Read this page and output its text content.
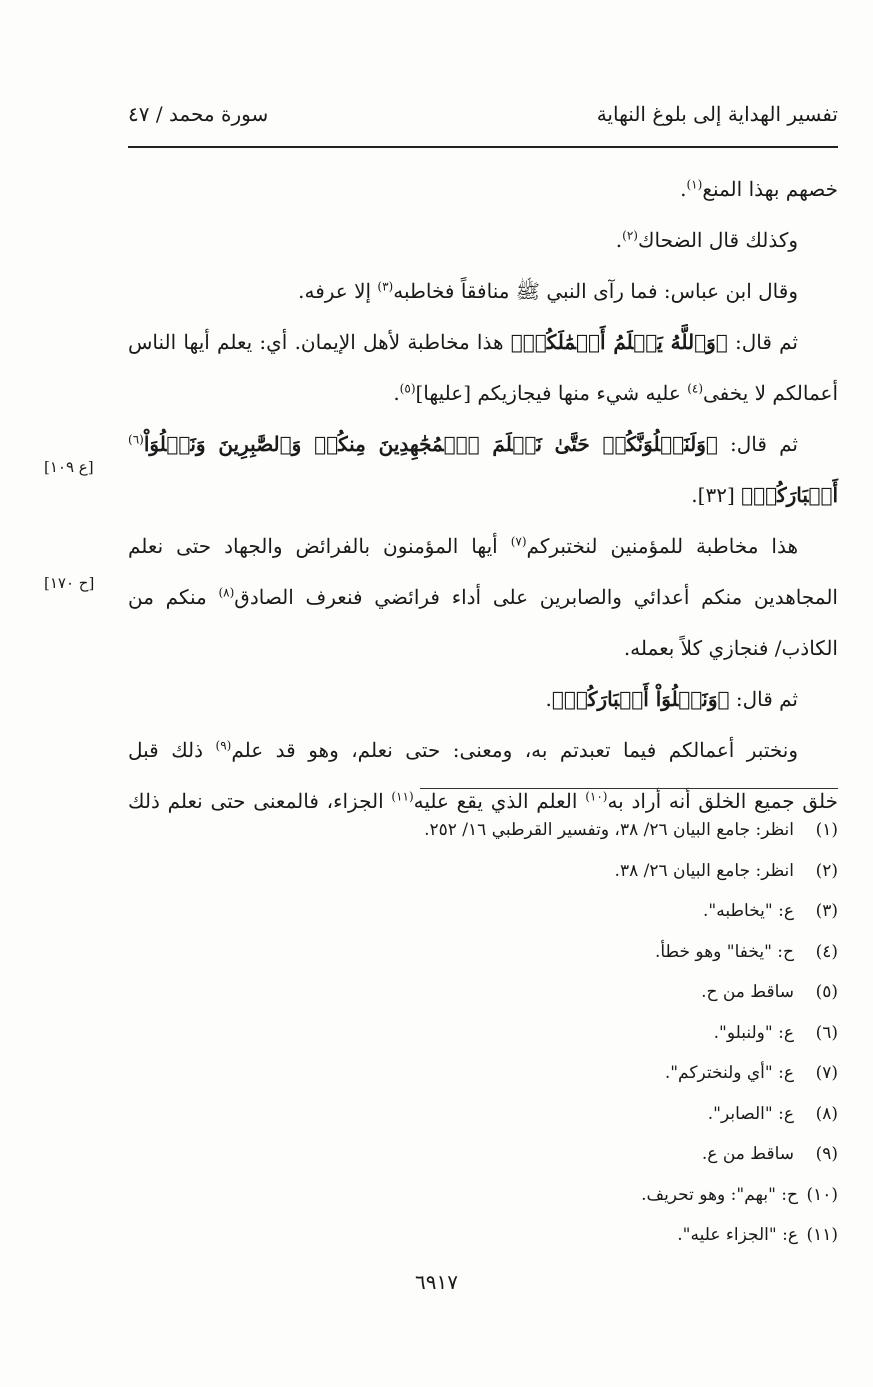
تفسير الهداية إلى بلوغ النهاية
سورة محمد / ٤٧
[ع ١٠٩]
[ح ١٧٠]

خصهم بهذا المنع$^{(١)}$.

وكذلك قال الضحاك$^{(٢)}$.

وقال ابن عباس: فما رآى النبي ﷺ منافقاً فخاطبه$^{(٣)}$ إلا عرفه.

ثم قال: ﴿وَٱللَّهُ يَعۡلَمُ أَعۡمَٰلَكُمۡ﴾ هذا مخاطبة لأهل الإيمان. أي: يعلم أيها الناس

أعمالكم لا يخفى$^{(٤)}$ عليه شيء منها فيجازيكم [عليها]$^{(٥)}$.

ثم قال: ﴿وَلَنَبۡلُوَنَّكُمۡ حَتَّىٰ نَعۡلَمَ ٱلۡمُجَٰهِدِينَ مِنكُمۡ وَٱلصَّٰبِرِينَ وَنَبۡلُوَاْ$^{(٦)}$ أَخۡبَارَكُمۡ﴾ [٣٢].

هذا مخاطبة للمؤمنين لنختبركم$^{(٧)}$ أيها المؤمنون بالفرائض والجهاد حتى نعلم

المجاهدين منكم أعدائي والصابرين على أداء فرائضي فنعرف الصادق$^{(٨)}$ منكم من

الكاذب/ فنجازي كلاً بعمله.

ثم قال: ﴿وَنَبۡلُوَاْ أَخۡبَارَكُمۡ﴾.

ونختبر أعمالكم فيما تعبدتم به، ومعنى: حتى نعلم، وهو قد علم$^{(٩)}$ ذلك قبل

خلق جميع الخلق أنه أراد به$^{(١٠)}$ العلم الذي يقع عليه$^{(١١)}$ الجزاء، فالمعنى حتى نعلم ذلك

(١)
انظر: جامع البيان ٢٦/ ٣٨، وتفسير القرطبي ١٦/ ٢٥٢.
(٢)
انظر: جامع البيان ٢٦/ ٣٨.
(٣)
ع: "يخاطبه".
(٤)
ح: "يخفا" وهو خطأ.
(٥)
ساقط من ح.
(٦)
ع: "ولنبلو".
(٧)
ع: "أي ولنختركم".
(٨)
ع: "الصابر".
(٩)
ساقط من ع.
(١٠)
ح: "بهم": وهو تحريف.
(١١)
ع: "الجزاء عليه".
٦٩١٧
